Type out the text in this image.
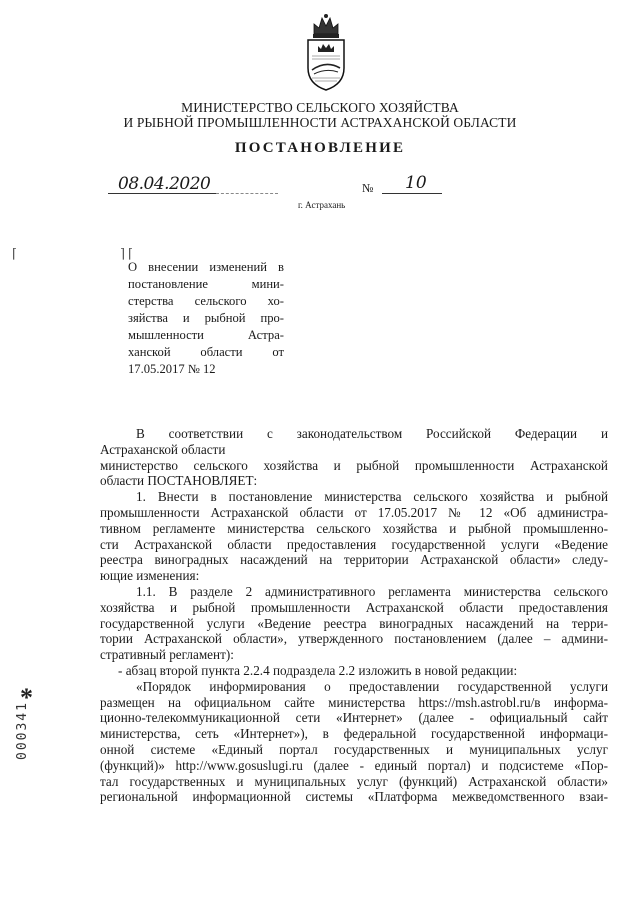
МИНИСТЕРСТВО СЕЛЬСКОГО ХОЗЯЙСТВА
И РЫБНОЙ ПРОМЫШЛЕННОСТИ АСТРАХАНСКОЙ ОБЛАСТИ
ПОСТАНОВЛЕНИЕ
08.04.2020	№ 10
г. Астрахань
⌈	⌉ ⌈
О внесении изменений в
постановление мини-
стерства сельского хо-
зяйства и рыбной про-
мышленности Астра-
ханской области от
17.05.2017 № 12
В соответствии с законодательством Российской Федерации и
Астраханской области
министерство сельского хозяйства и рыбной промышленности Астраханской
области ПОСТАНОВЛЯЕТ:
1. Внести в постановление министерства сельского хозяйства и рыбной
промышленности Астраханской области от 17.05.2017 № 12 «Об администра-
тивном регламенте министерства сельского хозяйства и рыбной промышленно-
сти Астраханской области предоставления государственной услуги «Ведение
реестра виноградных насаждений на территории Астраханской области» следу-
ющие изменения:
1.1. В разделе 2 административного регламента министерства сельского
хозяйства и рыбной промышленности Астраханской области предоставления
государственной услуги «Ведение реестра виноградных насаждений на терри-
тории Астраханской области», утвержденного постановлением (далее – админи-
стративный регламент):
- абзац второй пункта 2.2.4 подраздела 2.2 изложить в новой редакции:
«Порядок информирования о предоставлении государственной услуги
размещен на официальном сайте министерства https://msh.astrobl.ru/в информа-
ционно-телекоммуникационной сети «Интернет» (далее - официальный сайт
министерства, сеть «Интернет»), в федеральной государственной информаци-
онной системе «Единый портал государственных и муниципальных услуг
(функций)» http://www.gosuslugi.ru (далее - единый портал) и подсистеме «Пор-
тал государственных и муниципальных услуг (функций) Астраханской области»
региональной информационной системы «Платформа межведомственного взаи-
*
000341
